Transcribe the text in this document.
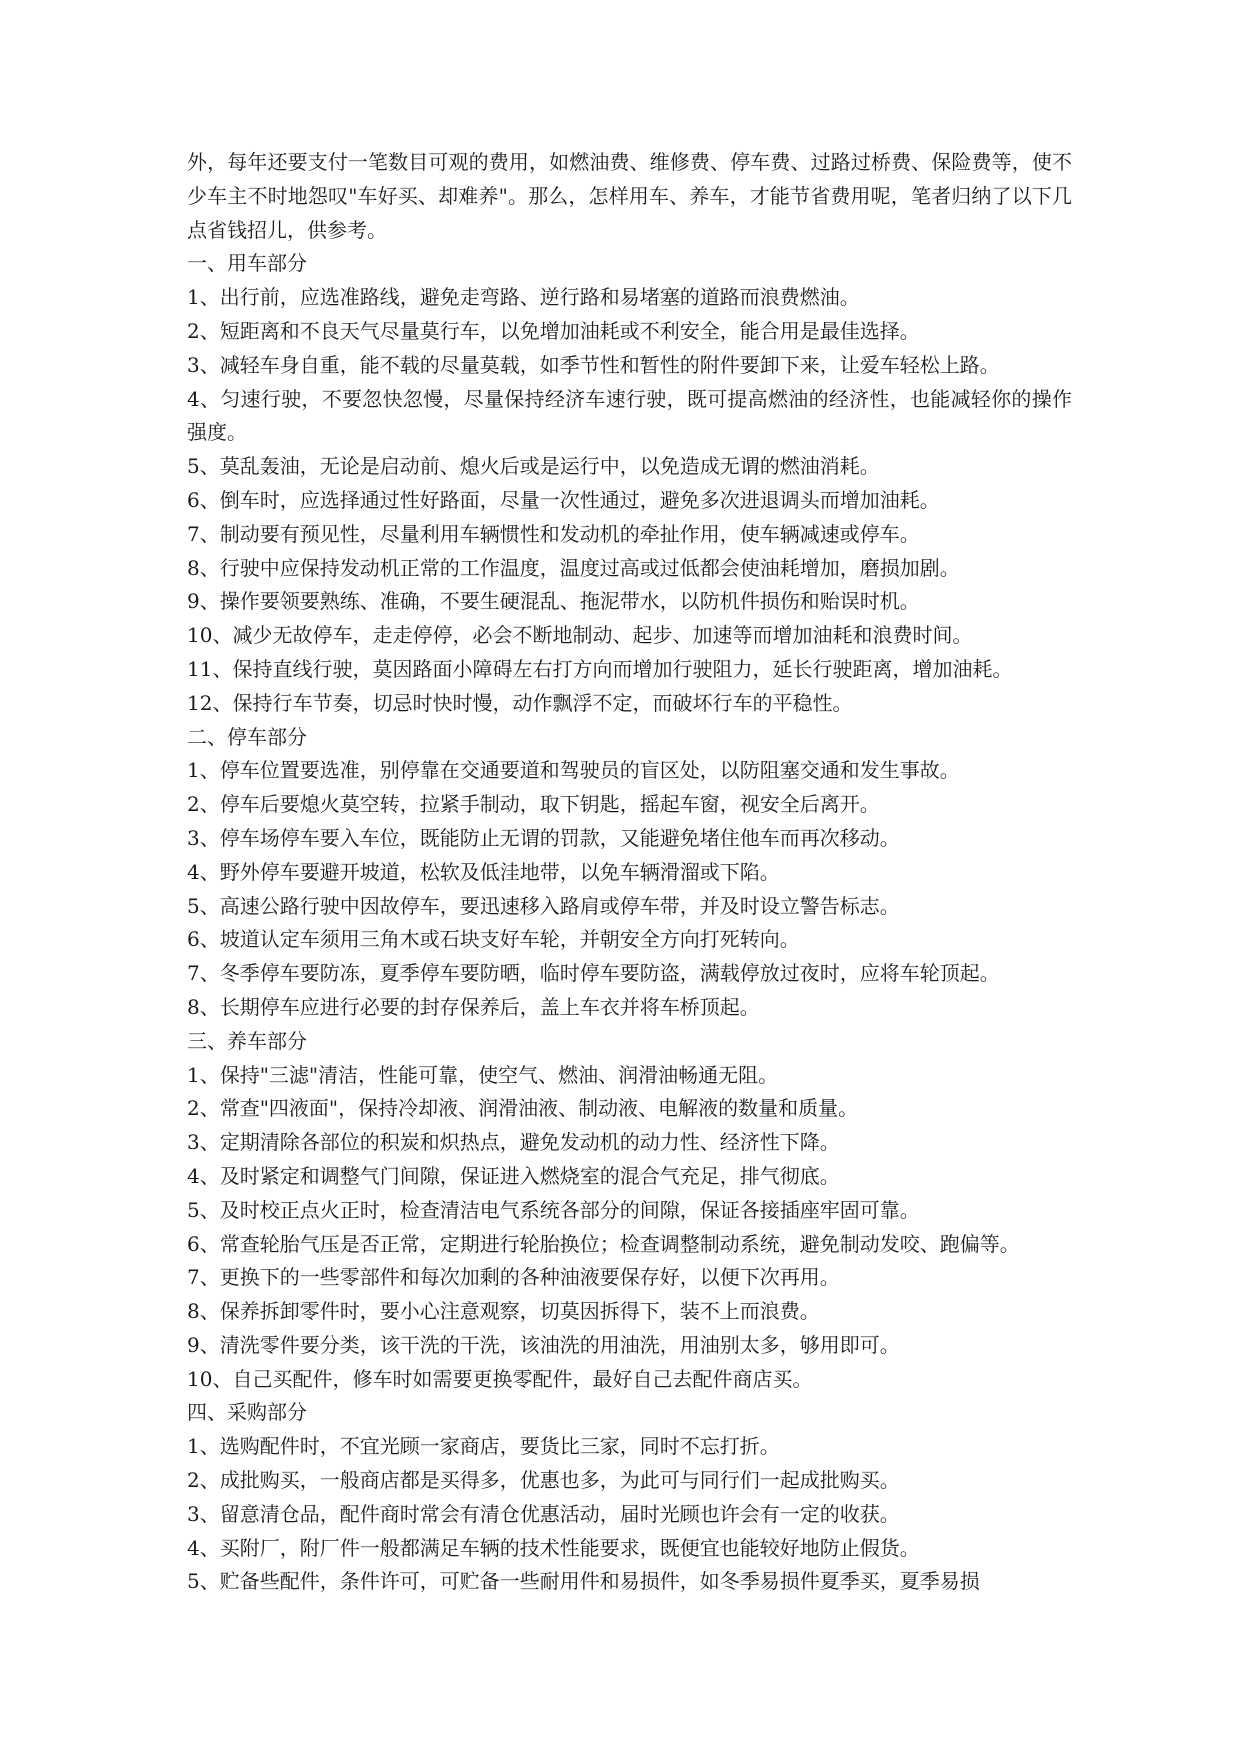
外，每年还要支付一笔数目可观的费用，如燃油费、维修费、停车费、过路过桥费、保险费等，使不少车主不时地怨叹"车好买、却难养"。那么，怎样用车、养车，才能节省费用呢，笔者归纳了以下几点省钱招儿，供参考。

一、用车部分

1、出行前，应选准路线，避免走弯路、逆行路和易堵塞的道路而浪费燃油。

2、短距离和不良天气尽量莫行车，以免增加油耗或不利安全，能合用是最佳选择。

3、减轻车身自重，能不载的尽量莫载，如季节性和暂性的附件要卸下来，让爱车轻松上路。

4、匀速行驶，不要忽快忽慢，尽量保持经济车速行驶，既可提高燃油的经济性，也能减轻你的操作强度。

5、莫乱轰油，无论是启动前、熄火后或是运行中，以免造成无谓的燃油消耗。

6、倒车时，应选择通过性好路面，尽量一次性通过，避免多次进退调头而增加油耗。

7、制动要有预见性，尽量利用车辆惯性和发动机的牵扯作用，使车辆减速或停车。

8、行驶中应保持发动机正常的工作温度，温度过高或过低都会使油耗增加，磨损加剧。

9、操作要领要熟练、准确，不要生硬混乱、拖泥带水，以防机件损伤和贻误时机。

10、减少无故停车，走走停停，必会不断地制动、起步、加速等而增加油耗和浪费时间。

11、保持直线行驶，莫因路面小障碍左右打方向而增加行驶阻力，延长行驶距离，增加油耗。

12、保持行车节奏，切忌时快时慢，动作飘浮不定，而破坏行车的平稳性。

二、停车部分

1、停车位置要选准，别停靠在交通要道和驾驶员的盲区处，以防阻塞交通和发生事故。

2、停车后要熄火莫空转，拉紧手制动，取下钥匙，摇起车窗，视安全后离开。

3、停车场停车要入车位，既能防止无谓的罚款，又能避免堵住他车而再次移动。

4、野外停车要避开坡道，松软及低洼地带，以免车辆滑溜或下陷。

5、高速公路行驶中因故停车，要迅速移入路肩或停车带，并及时设立警告标志。

6、坡道认定车须用三角木或石块支好车轮，并朝安全方向打死转向。

7、冬季停车要防冻，夏季停车要防晒，临时停车要防盗，满载停放过夜时，应将车轮顶起。

8、长期停车应进行必要的封存保养后，盖上车衣并将车桥顶起。

三、养车部分

1、保持"三滤"清洁，性能可靠，使空气、燃油、润滑油畅通无阻。

2、常查"四液面"，保持冷却液、润滑油液、制动液、电解液的数量和质量。

3、定期清除各部位的积炭和炽热点，避免发动机的动力性、经济性下降。

4、及时紧定和调整气门间隙，保证进入燃烧室的混合气充足，排气彻底。

5、及时校正点火正时，检查清洁电气系统各部分的间隙，保证各接插座牢固可靠。

6、常查轮胎气压是否正常，定期进行轮胎换位；检查调整制动系统，避免制动发咬、跑偏等。

7、更换下的一些零部件和每次加剩的各种油液要保存好，以便下次再用。

8、保养拆卸零件时，要小心注意观察，切莫因拆得下，装不上而浪费。

9、清洗零件要分类，该干洗的干洗，该油洗的用油洗，用油别太多，够用即可。

10、自己买配件，修车时如需要更换零配件，最好自己去配件商店买。

四、采购部分

1、选购配件时，不宜光顾一家商店，要货比三家，同时不忘打折。

2、成批购买，一般商店都是买得多，优惠也多，为此可与同行们一起成批购买。

3、留意清仓品，配件商时常会有清仓优惠活动，届时光顾也许会有一定的收获。

4、买附厂，附厂件一般都满足车辆的技术性能要求，既便宜也能较好地防止假货。

5、贮备些配件，条件许可，可贮备一些耐用件和易损件，如冬季易损件夏季买，夏季易损
